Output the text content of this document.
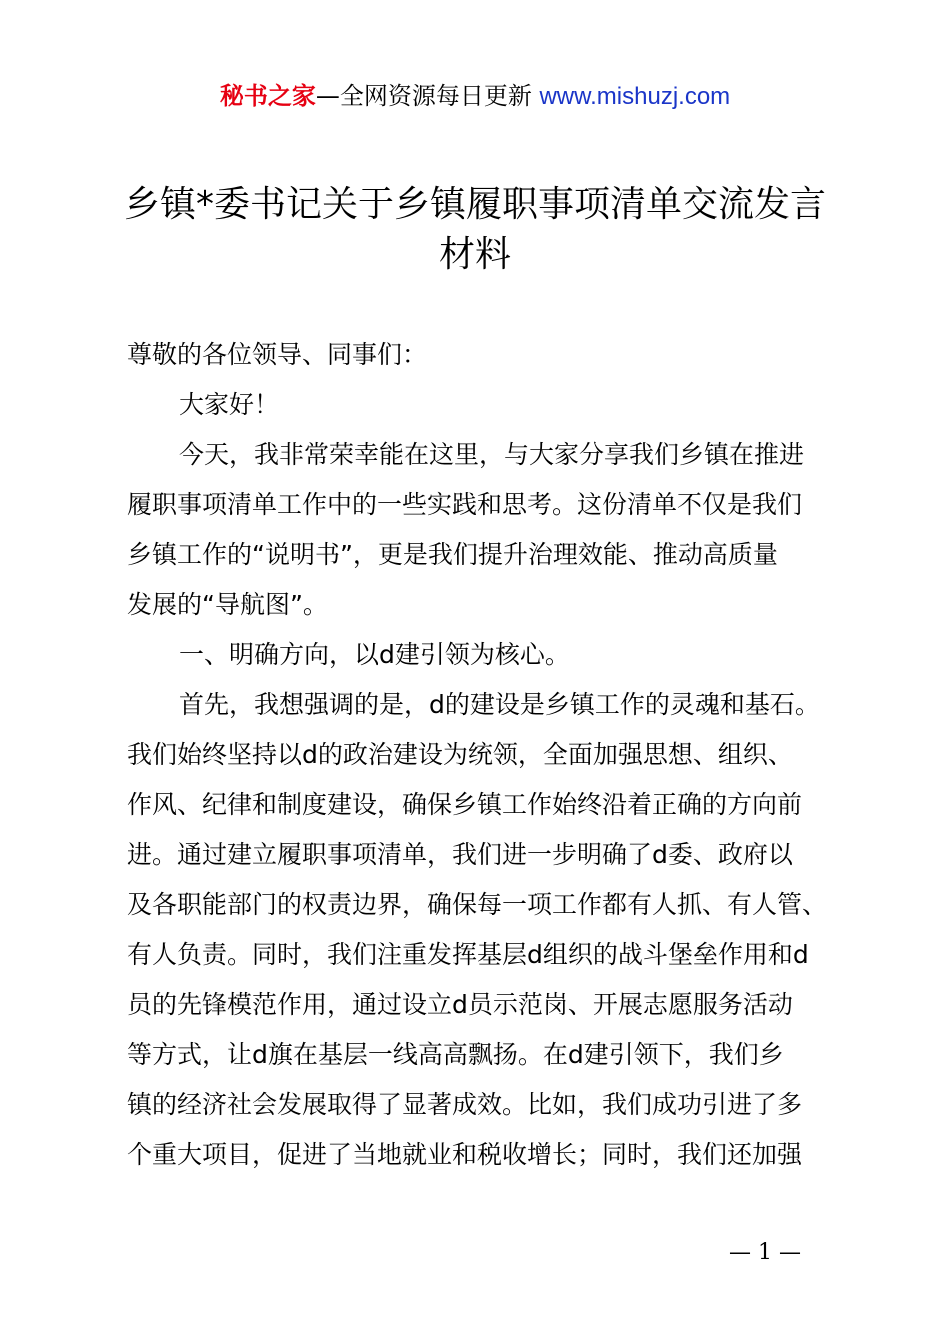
秘书之家—全网资源每日更新 www.mishuzj.com
乡镇*委书记关于乡镇履职事项清单交流发言
材料
尊敬的各位领导、同事们：
大家好！
今天，我非常荣幸能在这里，与大家分享我们乡镇在推进
履职事项清单工作中的一些实践和思考。这份清单不仅是我们
乡镇工作的“说明书”，更是我们提升治理效能、推动高质量
发展的“导航图”。
一、明确方向，以d建引领为核心。
首先，我想强调的是，d的建设是乡镇工作的灵魂和基石。
我们始终坚持以d的政治建设为统领，全面加强思想、组织、
作风、纪律和制度建设，确保乡镇工作始终沿着正确的方向前
进。通过建立履职事项清单，我们进一步明确了d委、政府以
及各职能部门的权责边界，确保每一项工作都有人抓、有人管、
有人负责。同时，我们注重发挥基层d组织的战斗堡垒作用和d
员的先锋模范作用，通过设立d员示范岗、开展志愿服务活动
等方式，让d旗在基层一线高高飘扬。在d建引领下，我们乡
镇的经济社会发展取得了显著成效。比如，我们成功引进了多
个重大项目，促进了当地就业和税收增长；同时，我们还加强
— 1 —
